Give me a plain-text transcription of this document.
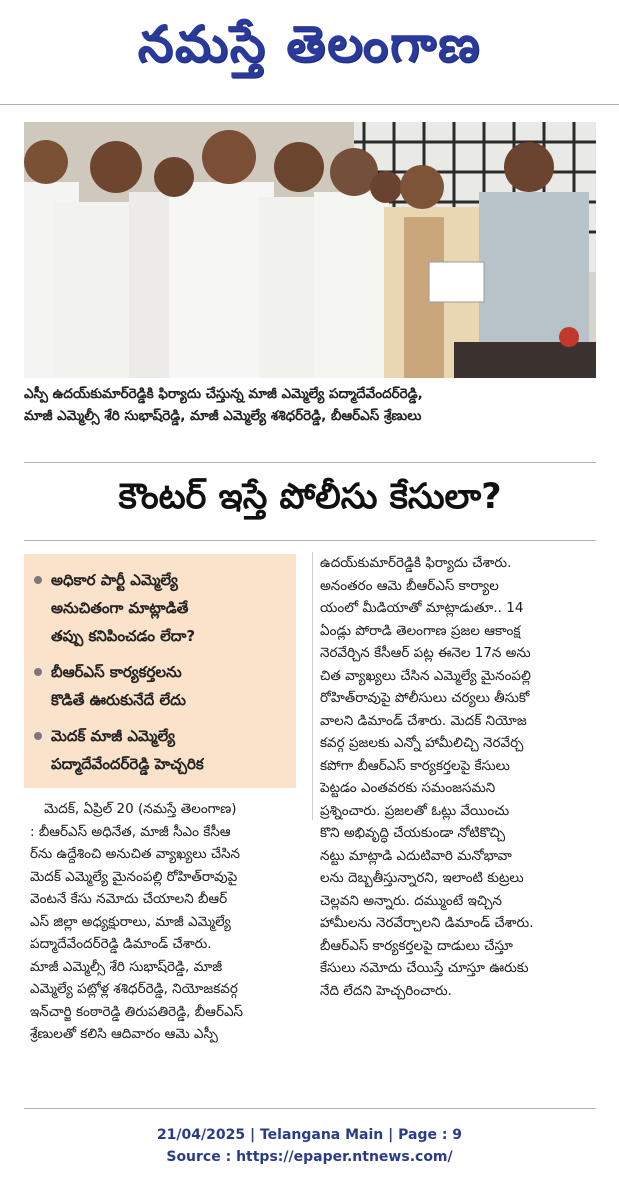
నమస్తే తెలంగాణ
ఎస్పీ ఉదయ్‌కుమార్‌రెడ్డికి ఫిర్యాదు చేస్తున్న మాజీ ఎమ్మెల్యే పద్మాదేవేందర్‌రెడ్డి,
మాజీ ఎమ్మెల్సీ శేరి సుభాష్‌రెడ్డి, మాజీ ఎమ్మెల్యే శశిధర్‌రెడ్డి, బీఆర్‌ఎస్ శ్రేణులు
కౌంటర్ ఇస్తే పోలీసు కేసులా?
అధికార పార్టీ ఎమ్మెల్యే
అనుచితంగా మాట్లాడితే
తప్పు కనిపించడం లేదా?
బీఆర్‌ఎస్ కార్యకర్తలను
కొడితే ఊరుకునేదే లేదు
మెదక్ మాజీ ఎమ్మెల్యే
పద్మాదేవేందర్‌రెడ్డి హెచ్చరిక
మెదక్, ఏప్రిల్ 20 (నమస్తే తెలంగాణ)
: బీఆర్‌ఎస్ అధినేత, మాజీ సీఎం కేసీఆ
ర్‌ను ఉద్దేశించి అనుచిత వ్యాఖ్యలు చేసిన
మెదక్ ఎమ్మెల్యే మైనంపల్లి రోహిత్‌రావుపై
వెంటనే కేసు నమోదు చేయాలని బీఆర్
ఎస్ జిల్లా అధ్యక్షురాలు, మాజీ ఎమ్మెల్యే
పద్మాదేవేందర్‌రెడ్డి డిమాండ్ చేశారు.
మాజీ ఎమ్మెల్సీ శేరి సుభాష్‌రెడ్డి, మాజీ
ఎమ్మెల్యే పట్లోళ్ల శశిధర్‌రెడ్డి, నియోజకవర్గ
ఇన్‌చార్జి కంఠారెడ్డి తిరుపతిరెడ్డి, బీఆర్‌ఎస్
శ్రేణులతో కలిసి ఆదివారం ఆమె ఎస్పీ
ఉదయ్‌కుమార్‌రెడ్డికి ఫిర్యాదు చేశారు.
అనంతరం ఆమె బీఆర్‌ఎస్ కార్యాల
యంలో మీడియాతో మాట్లాడుతూ.. 14
ఏండ్లు పోరాడి తెలంగాణ ప్రజల ఆకాంక్ష
నెరవేర్చిన కేసీఆర్ పట్ల ఈనెల 17న అను
చిత వ్యాఖ్యలు చేసిన ఎమ్మెల్యే మైనంపల్లి
రోహిత్‌రావుపై పోలీసులు చర్యలు తీసుకో
వాలని డిమాండ్ చేశారు. మెదక్ నియోజ
కవర్గ ప్రజలకు ఎన్నో హామీలిచ్చి నెరవేర్చ
కపోగా బీఆర్‌ఎస్ కార్యకర్తలపై కేసులు
పెట్టడం ఎంతవరకు సమంజసమని
ప్రశ్నించారు. ప్రజలతో ఓట్లు వేయించు
కొని అభివృద్ధి చేయకుండా నోటికొచ్చి
నట్టు మాట్లాడి ఎదుటివారి మనోభావా
లను దెబ్బతీస్తున్నారని, ఇలాంటి కుట్రలు
చెల్లవని అన్నారు. దమ్ముంటే ఇచ్చిన
హామీలను నెరవేర్చాలని డిమాండ్ చేశారు.
బీఆర్‌ఎస్ కార్యకర్తలపై దాడులు చేస్తూ
కేసులు నమోదు చేయిస్తే చూస్తూ ఊరుకు
నేది లేదని హెచ్చరించారు.
21/04/2025 | Telangana Main | Page : 9
Source : https://epaper.ntnews.com/
